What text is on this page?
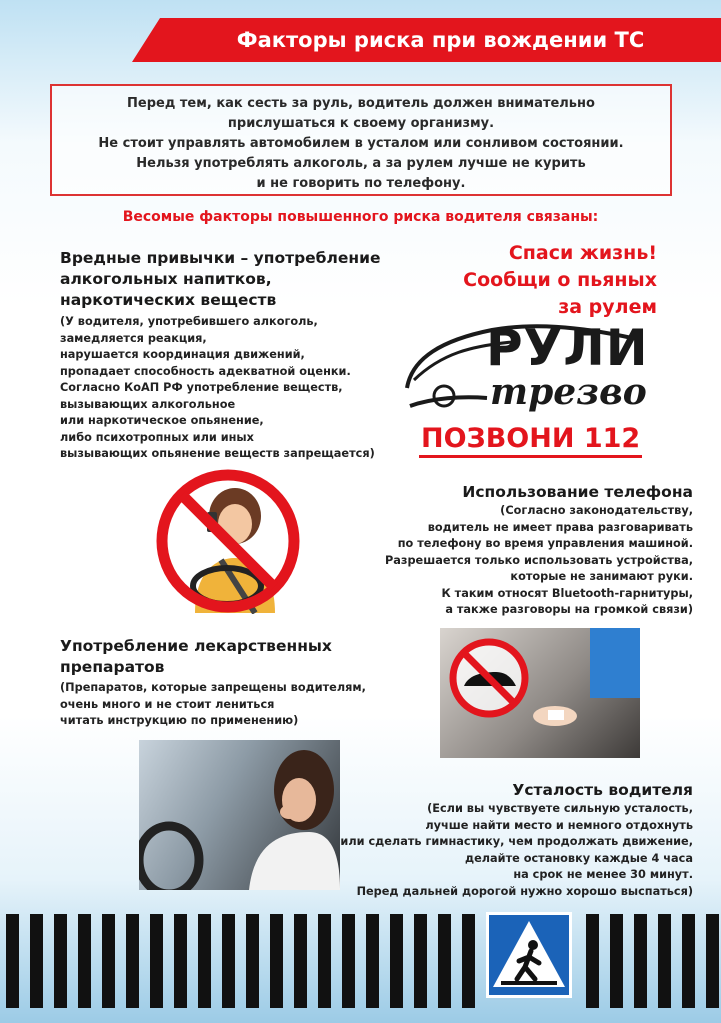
Факторы риска при вождении ТС
Перед тем, как сесть за руль, водитель должен внимательно
прислушаться к своему организму.
Не стоит управлять автомобилем в усталом или сонливом состоянии.
Нельзя употреблять алкоголь, а за рулем лучше не курить
и не говорить по телефону.
Весомые факторы повышенного риска водителя связаны:
Вредные привычки – употребление
алкогольных напитков,
наркотических веществ
(У водителя, употребившего алкоголь,
замедляется реакция,
нарушается координация движений,
пропадает способность адекватной оценки.
Согласно КоАП РФ употребление веществ,
вызывающих алкогольное
или наркотическое опьянение,
либо психотропных или иных
вызывающих опьянение веществ запрещается)
Спаси жизнь!
Сообщи о пьяных
за рулем
РУЛИ
трезво
ПОЗВОНИ 112
Использование телефона
(Согласно законодательству,
водитель не имеет права разговаривать
по телефону во время управления машиной.
Разрешается только использовать устройства,
которые не занимают руки.
К таким относят Bluetooth-гарнитуры,
а также разговоры на громкой связи)
Употребление лекарственных
препаратов
(Препаратов, которые запрещены водителям,
очень много и не стоит лениться
читать инструкцию по применению)
Усталость водителя
(Если вы чувствуете сильную усталость,
лучше найти место и немного отдохнуть
или сделать гимнастику, чем продолжать движение,
делайте остановку каждые 4 часа
на срок не менее 30 минут.
Перед дальней дорогой нужно хорошо выспаться)
